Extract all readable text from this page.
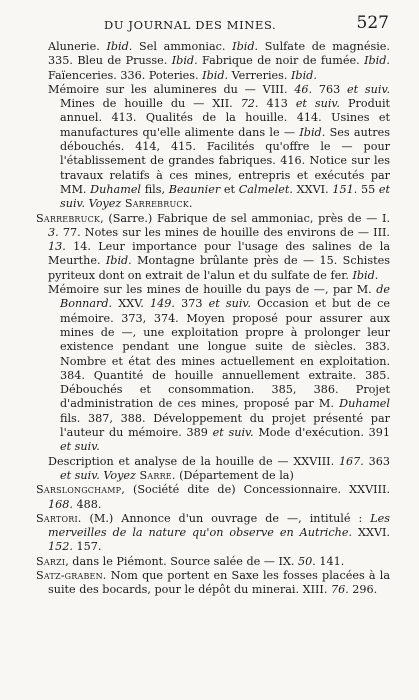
DU JOURNAL DES MINES.	527

Alunerie. Ibid. Sel ammoniac. Ibid. Sulfate de magnésie. 335. Bleu de Prusse. Ibid. Fabrique de noir de fumée. Ibid. Faïenceries. 336. Poteries. Ibid. Verreries. Ibid.

Mémoire sur les alumineres du — VIII. 46. 763 et suiv. Mines de houille du — XII. 72. 413 et suiv. Produit annuel. 413. Qualités de la houille. 414. Usines et manufactures qu'elle alimente dans le — Ibid. Ses autres débouchés. 414, 415. Facilités qu'offre le — pour l'établissement de grandes fabriques. 416. Notice sur les travaux relatifs à ces mines, entrepris et exécutés par MM. Duhamel fils, Beaunier et Calmelet. XXVI. 151. 55 et suiv. Voyez Sarrebruck.

Sarrebruck, (Sarre.) Fabrique de sel ammoniac, près de — I. 3. 77. Notes sur les mines de houille des environs de — III. 13. 14. Leur importance pour l'usage des salines de la Meurthe. Ibid. Montagne brûlante près de — 15. Schistes pyriteux dont on extrait de l'alun et du sulfate de fer. Ibid.

Mémoire sur les mines de houille du pays de —, par M. de Bonnard. XXV. 149. 373 et suiv. Occasion et but de ce mémoire. 373, 374. Moyen proposé pour assurer aux mines de —, une exploitation propre à prolonger leur existence pendant une longue suite de siècles. 383. Nombre et état des mines actuellement en exploitation. 384. Quantité de houille annuellement extraite. 385. Débouchés et consommation. 385, 386. Projet d'administration de ces mines, proposé par M. Duhamel fils. 387, 388. Développement du projet présenté par l'auteur du mémoire. 389 et suiv. Mode d'exécution. 391 et suiv.

Description et analyse de la houille de — XXVIII. 167. 363 et suiv. Voyez Sarre. (Département de la)

Sarslongchamp, (Société dite de) Concessionnaire. XXVIII. 168. 488.

Sartori. (M.) Annonce d'un ouvrage de —, intitulé : Les merveilles de la nature qu'on observe en Autriche. XXVI. 152. 157.

Sarzi, dans le Piémont. Source salée de — IX. 50. 141.

Satz-graben. Nom que portent en Saxe les fosses placées à la suite des bocards, pour le dépôt du minerai. XIII. 76. 296.
